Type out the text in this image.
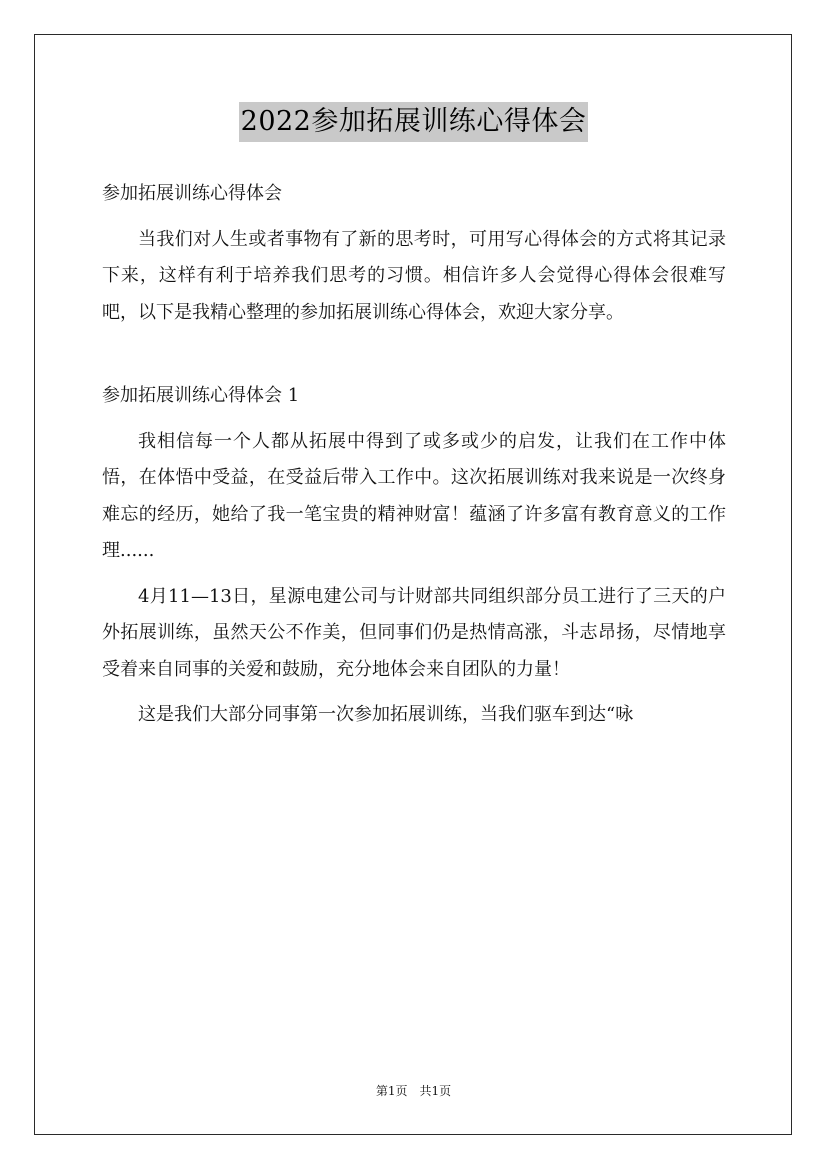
2022参加拓展训练心得体会

参加拓展训练心得体会

当我们对人生或者事物有了新的思考时，可用写心得体会的方式将其记录下来，这样有利于培养我们思考的习惯。相信许多人会觉得心得体会很难写吧，以下是我精心整理的参加拓展训练心得体会，欢迎大家分享。

参加拓展训练心得体会 1

我相信每一个人都从拓展中得到了或多或少的启发，让我们在工作中体悟，在体悟中受益，在受益后带入工作中。这次拓展训练对我来说是一次终身难忘的经历，她给了我一笔宝贵的精神财富！蕴涵了许多富有教育意义的工作理......

4月11—13日，星源电建公司与计财部共同组织部分员工进行了三天的户外拓展训练，虽然天公不作美，但同事们仍是热情高涨，斗志昂扬，尽情地享受着来自同事的关爱和鼓励，充分地体会来自团队的力量！

这是我们大部分同事第一次参加拓展训练，当我们驱车到达“咏

第1页 共1页
